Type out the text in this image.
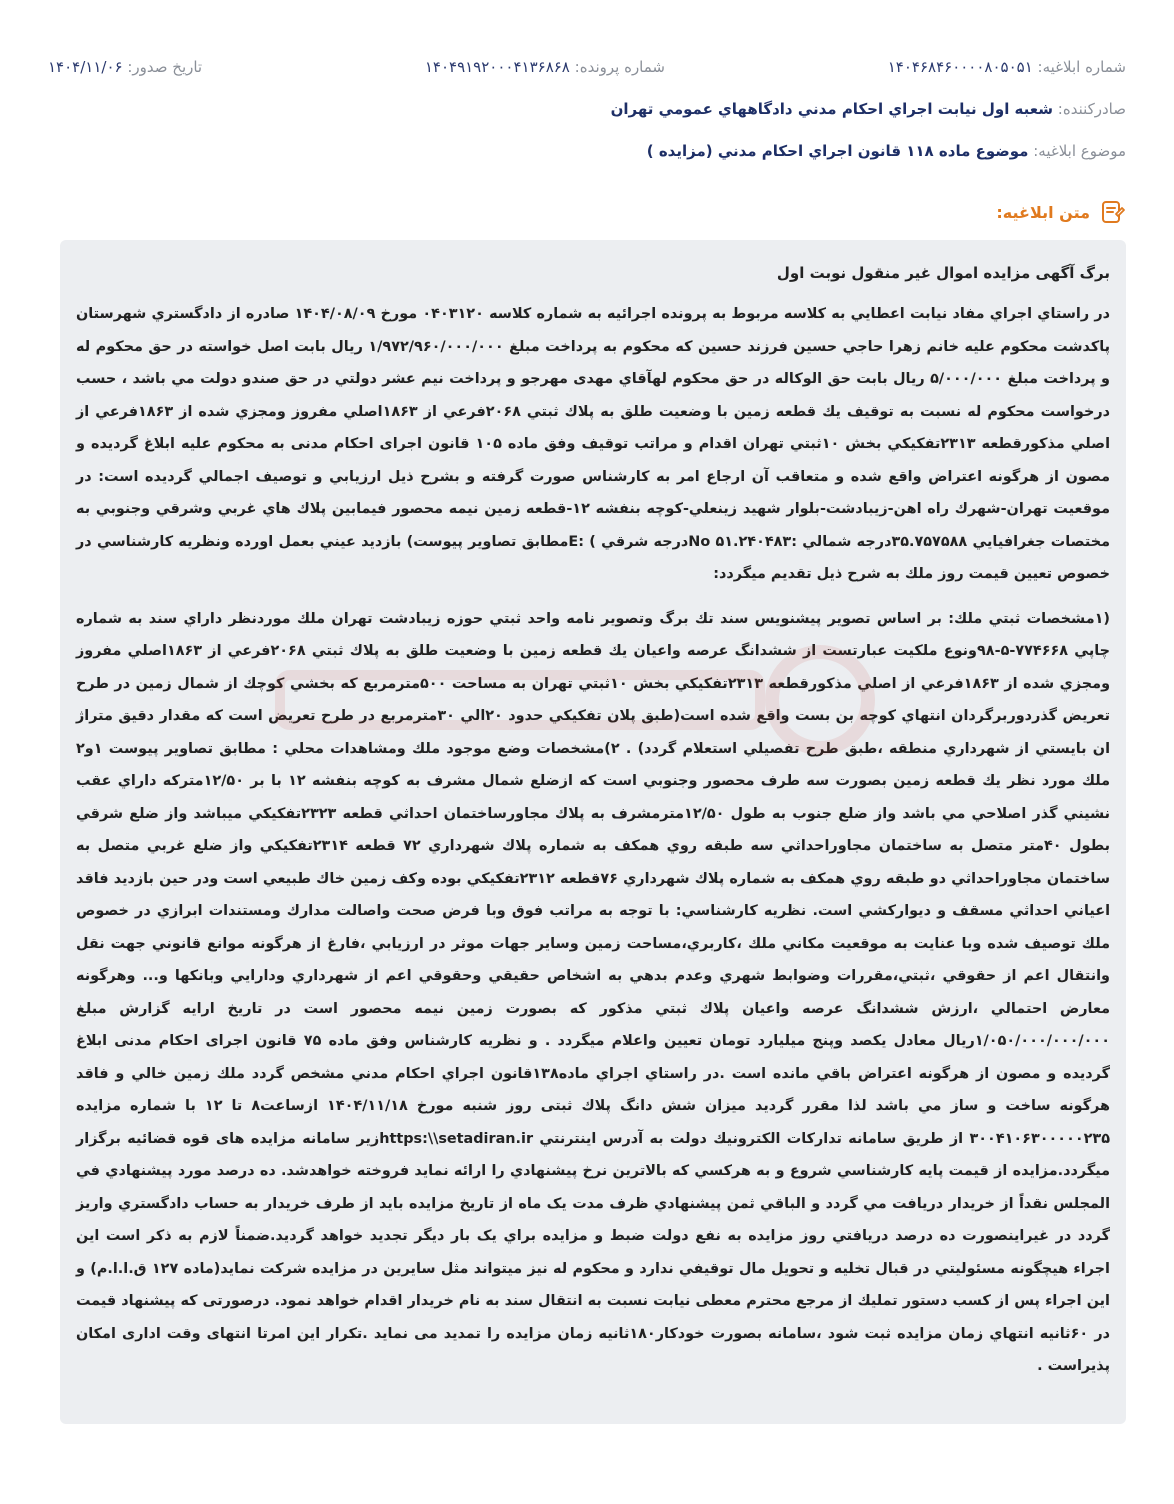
شماره ابلاغيه: ۱۴۰۴۶۸۴۶۰۰۰۰۸۰۵۰۵۱
شماره پرونده: ۱۴۰۴۹۱۹۲۰۰۰۴۱۳۶۸۶۸
تاریخ صدور: ۱۴۰۴/۱۱/۰۶
صادرکننده: شعبه اول نيابت اجراي احكام مدني دادگاههاي عمومي تهران
موضوع ابلاغیه: موضوع ماده ۱۱۸ قانون اجراي احكام مدني (مزايده )
متن ابلاغیه:
برگ آگهی مزایده اموال غیر منقول نوبت اول
در راستاي اجراي مفاد نيابت اعطايي به كلاسه مربوط به پرونده اجرائيه به شماره كلاسه ۰۴۰۳۱۲۰ مورخ ۱۴۰۴/۰۸/۰۹ صادره از دادگستري شهرستان پاكدشت محكوم عليه خانم زهرا حاجي حسين فرزند حسين كه محكوم به پرداخت مبلغ ۱/۹۷۲/۹۶۰/۰۰۰/۰۰۰ ريال بابت اصل خواسته در حق محكوم له و پرداخت مبلغ ۵/۰۰۰/۰۰۰ ريال بابت حق الوكاله در حق محكوم لهآقاي مهدى مهرجو و پرداخت نيم عشر دولتي در حق صندو دولت مي باشد ، حسب درخواست محكوم له نسبت به توقيف يك قطعه زمين با وضعيت طلق به پلاك ثبتي ۲۰۶۸فرعي از ۱۸۶۳اصلي مفروز ومجزي شده از ۱۸۶۳فرعي از اصلي مذكورقطعه ۲۳۱۳تفكيكي بخش ۱۰ثبتي تهران اقدام و مراتب توقيف وفق ماده ۱۰۵ قانون اجراى احكام مدنى به محكوم عليه ابلاغ گرديده و مصون از هرگونه اعتراض واقع شده و متعاقب آن ارجاع امر به كارشناس صورت گرفته و بشرح ذيل ارزيابي و توصيف اجمالي گرديده است: در موقعيت تهران-شهرك راه اهن-زيبادشت-بلوار شهيد زينعلي-كوچه بنفشه ۱۲-قطعه زمين نيمه محصور فيمابين پلاك هاي غربي وشرقي وجنوبي به مختصات جغرافيايي ۳۵.۷۵۷۵۸۸درجه شمالي :No ۵۱.۲۴۰۴۸۳درجه شرقي ) :Eمطابق تصاوير پيوست) بازديد عيني بعمل اورده ونظريه كارشناسي در خصوص تعيين قيمت روز ملك به شرح ذيل تقديم ميگردد:
(۱مشخصات ثبتي ملك: بر اساس تصوير پيشنويس سند تك برگ وتصوير نامه واحد ثبتي حوزه زيبادشت تهران ملك موردنظر داراي سند به شماره چاپي ۷۷۴۶۶۸-۵-۹۸ونوع ملكيت عبارتست از ششدانگ عرصه واعيان يك قطعه زمين با وضعيت طلق به پلاك ثبتي ۲۰۶۸فرعي از ۱۸۶۳اصلي مفروز ومجزي شده از ۱۸۶۳فرعي از اصلي مذكورقطعه ۲۳۱۳تفكيكي بخش ۱۰ثبتي تهران به مساحت ۵۰۰مترمربع كه بخشي كوچك از شمال زمين در طرح تعريض گذردوربرگردان انتهاي كوچه بن بست واقع شده است(طبق پلان تفكيكي حدود ۲۰الي ۳۰مترمربع در طرح تعريض است كه مقدار دقيق متراژ ان بايستي از شهرداري منطقه ،طبق طرح تفصيلي استعلام گردد) . ۲)مشخصات وضع موجود ملك ومشاهدات محلي : مطابق تصاوير پيوست ۱و۲ ملك مورد نظر يك قطعه زمين بصورت سه طرف محصور وجنوبي است كه ازضلع شمال مشرف به كوچه بنفشه ۱۲ با بر ۱۲/۵۰متركه داراي عقب نشيني گذر اصلاحي مي باشد واز ضلع جنوب به طول ۱۲/۵۰مترمشرف به پلاك مجاورساختمان احداثي قطعه ۲۳۲۳تفكيكي ميباشد واز ضلع شرقي بطول ۴۰متر متصل به ساختمان مجاوراحداثي سه طبقه روي همكف به شماره پلاك شهرداري ۷۲ قطعه ۲۳۱۴تفكيكي واز ضلع غربي متصل به ساختمان مجاوراحداثي دو طبقه روي همكف به شماره پلاك شهرداري ۷۶قطعه ۲۳۱۲تفكيكي بوده وكف زمين خاك طبيعي است ودر حين بازديد فاقد اعياني احداثي مسقف و ديواركشي است. نظريه كارشناسي: با توجه به مراتب فوق وبا فرض صحت واصالت مدارك ومستندات ابرازي در خصوص ملك توصيف شده وبا عنايت به موقعيت مكاني ملك ،كاربري،مساحت زمين وساير جهات موثر در ارزيابي ،فارغ از هرگونه موانع قانوني جهت نقل وانتقال اعم از حقوقي ،ثبتي،مقررات وضوابط شهري وعدم بدهي به اشخاص حقيقي وحقوقي اعم از شهرداري ودارايي وبانكها و... وهرگونه معارض احتمالي ،ارزش ششدانگ عرصه واعيان پلاك ثبتي مذكور كه بصورت زمين نيمه محصور است در تاريخ ارايه گزارش مبلغ ۱/۰۵۰/۰۰۰/۰۰۰/۰۰۰ريال معادل يكصد وپنج ميليارد تومان تعيين واعلام ميگردد . و نظريه كارشناس وفق ماده ۷۵ قانون اجرای احكام مدنی ابلاغ گرديده و مصون از هرگونه اعتراض باقي مانده است .در راستاي اجراي ماده۱۳۸قانون اجراي احكام مدني مشخص گردد ملك زمين خالي و فاقد هرگونه ساخت و ساز مي باشد لذا مقرر گرديد ميزان شش دانگ پلاك ثبتی روز شنبه مورخ ۱۴۰۴/۱۱/۱۸ ازساعت۸ تا ۱۲ با شماره مزایده ۳۰۰۴۱۰۶۳۰۰۰۰۰۲۳۵ از طريق سامانه تداركات الكترونيك دولت به آدرس اينترنتي https:\\setadiran.irزير سامانه مزایده های قوه قضائیه برگزار ميگردد.مزايده از قيمت پايه كارشناسي شروع و به هركسي كه بالاترين نرخ پيشنهادي را ارائه نمايد فروخته خواهدشد. ده درصد مورد پيشنهادي في المجلس نقداً از خريدار دريافت مي گردد و الباقي ثمن پيشنهادي ظرف مدت يک ماه از تاريخ مزايده بايد از طرف خريدار به حساب دادگستري واريز گردد در غيراينصورت ده درصد دريافتي روز مزايده به نفع دولت ضبط و مزايده براي يک بار ديگر تجديد خواهد گرديد.ضمناً لازم به ذكر است اين اجراء هيچگونه مسئوليتي در قبال تخليه و تحويل مال توقيفي ندارد و محكوم له نيز ميتواند مثل سايرين در مزايده شركت نمايد(ماده ۱۲۷ ق.ا.ا.م) و اين اجراء پس از كسب دستور تمليك از مرجع محترم معطی نيابت نسبت به انتقال سند به نام خريدار اقدام خواهد نمود. درصورتی كه پيشنهاد قيمت در ۶۰ثانيه انتهاي زمان مزايده ثبت شود ،سامانه بصورت خودكار۱۸۰ثانيه زمان مزايده را تمديد می نمايد .تكرار اين امرتا انتهای وقت اداری امكان پذيراست .
